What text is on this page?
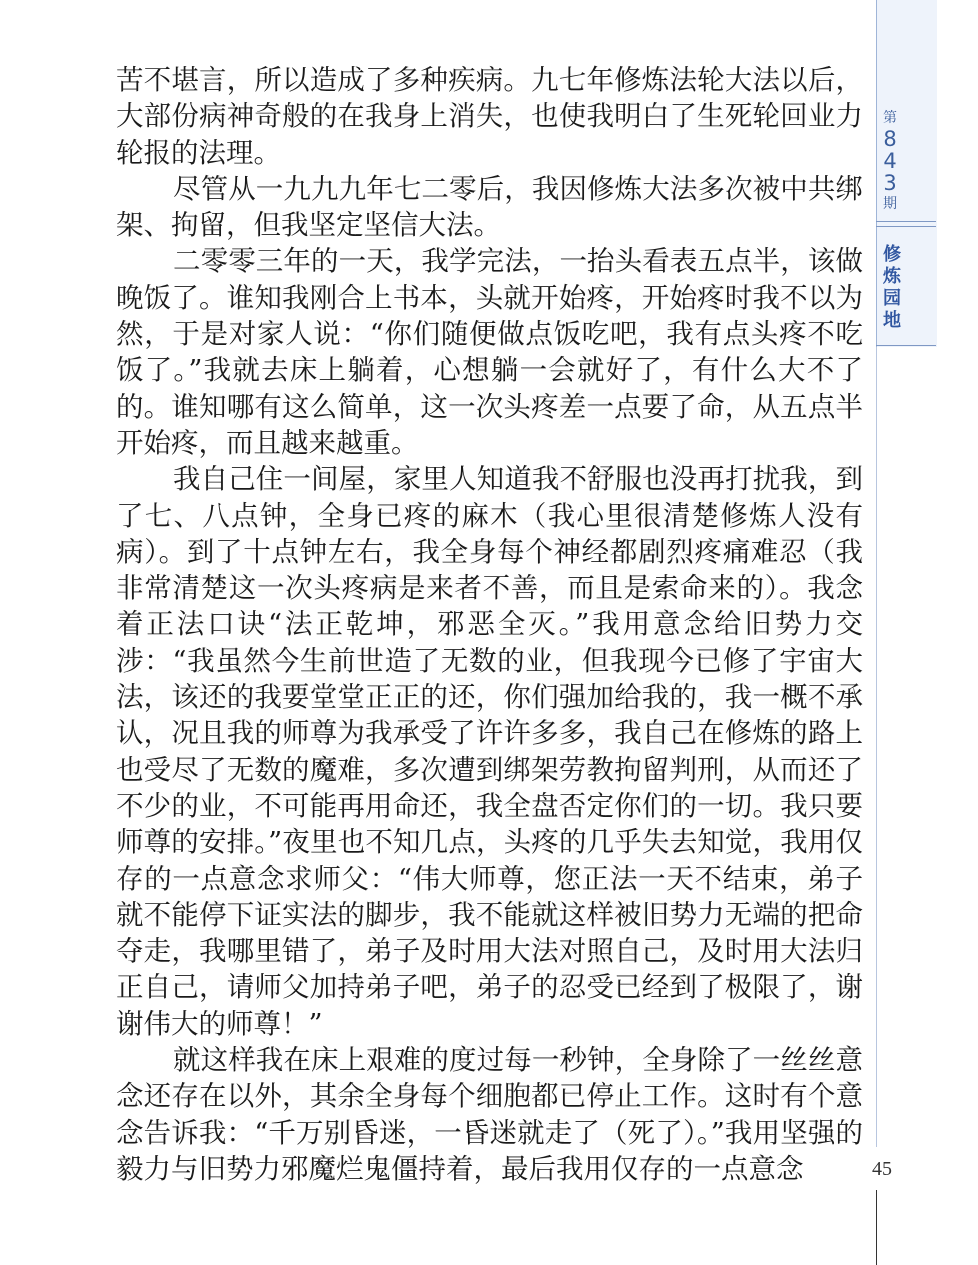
第
8
4
3
期
修
炼
园
地

苦不堪言，所以造成了多种疾病。九七年修炼法轮大法以后，大部份病神奇般的在我身上消失，也使我明白了生死轮回业力轮报的法理。

尽管从一九九九年七二零后，我因修炼大法多次被中共绑架、拘留，但我坚定坚信大法。

二零零三年的一天，我学完法，一抬头看表五点半，该做晚饭了。谁知我刚合上书本，头就开始疼，开始疼时我不以为然，于是对家人说：“你们随便做点饭吃吧，我有点头疼不吃饭了。”我就去床上躺着，心想躺一会就好了，有什么大不了的。谁知哪有这么简单，这一次头疼差一点要了命，从五点半开始疼，而且越来越重。

我自己住一间屋，家里人知道我不舒服也没再打扰我，到了七、八点钟，全身已疼的麻木（我心里很清楚修炼人没有病）。到了十点钟左右，我全身每个神经都剧烈疼痛难忍（我非常清楚这一次头疼病是来者不善，而且是索命来的）。我念着正法口诀“法正乾坤，邪恶全灭。”我用意念给旧势力交涉：“我虽然今生前世造了无数的业，但我现今已修了宇宙大法，该还的我要堂堂正正的还，你们强加给我的，我一概不承认，况且我的师尊为我承受了许许多多，我自己在修炼的路上也受尽了无数的魔难，多次遭到绑架劳教拘留判刑，从而还了不少的业，不可能再用命还，我全盘否定你们的一切。我只要师尊的安排。”夜里也不知几点，头疼的几乎失去知觉，我用仅存的一点意念求师父：“伟大师尊，您正法一天不结束，弟子就不能停下证实法的脚步，我不能就这样被旧势力无端的把命夺走，我哪里错了，弟子及时用大法对照自己，及时用大法归正自己，请师父加持弟子吧，弟子的忍受已经到了极限了，谢谢伟大的师尊！”

就这样我在床上艰难的度过每一秒钟，全身除了一丝丝意念还存在以外，其余全身每个细胞都已停止工作。这时有个意念告诉我：“千万别昏迷，一昏迷就走了（死了）。”我用坚强的毅力与旧势力邪魔烂鬼僵持着，最后我用仅存的一点意念	45
